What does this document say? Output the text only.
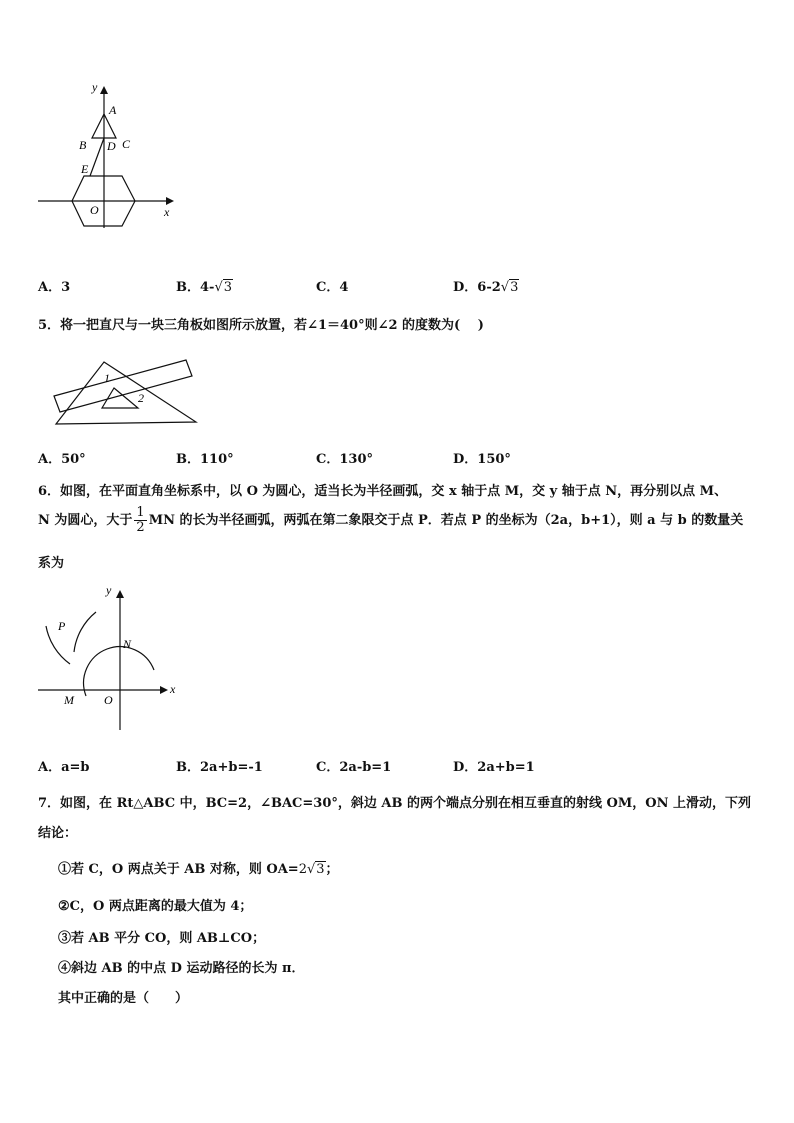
y
A
B D C
E
O	x
A．3	B．4-√3	C．4	D．6-2√3
5．将一把直尺与一块三角板如图所示放置，若∠1＝40°则∠2 的度数为(　 )
1
2
A．50°	B．110°	C．130°	D．150°
6．如图，在平面直角坐标系中，以 O 为圆心，适当长为半径画弧，交 x 轴于点 M，交 y 轴于点 N，再分别以点 M、
N 为圆心，大于 $\frac{1}{2}$ MN 的长为半径画弧，两弧在第二象限交于点 P．若点 P 的坐标为（2a，b+1），则 a 与 b 的数量关
系为
y
P
N
M	O
x
A．a=b	B．2a+b=-1	C．2a-b=1	D．2a+b=1
7．如图，在 Rt△ABC 中，BC=2，∠BAC=30°，斜边 AB 的两个端点分别在相互垂直的射线 OM，ON 上滑动，下列
结论：
①若 C，O 两点关于 AB 对称，则 OA=2√3；
②C，O 两点距离的最大值为 4；
③若 AB 平分 CO，则 AB⊥CO；
④斜边 AB 的中点 D 运动路径的长为 π．
其中正确的是（　　）
